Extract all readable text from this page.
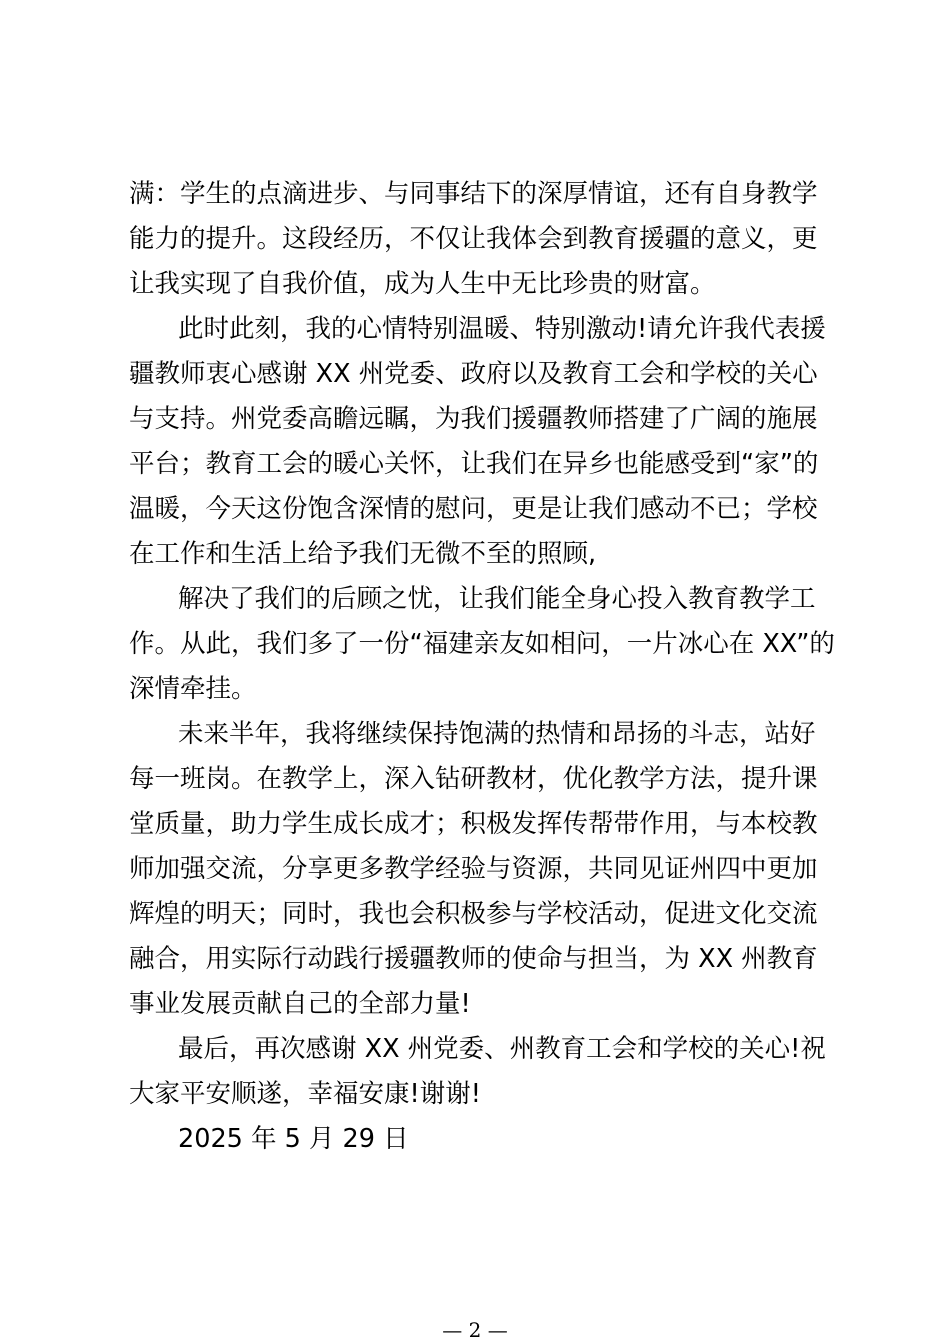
满：学生的点滴进步、与同事结下的深厚情谊，还有自身教学
能力的提升。这段经历，不仅让我体会到教育援疆的意义，更
让我实现了自我价值，成为人生中无比珍贵的财富。
此时此刻，我的心情特别温暖、特别激动!请允许我代表援
疆教师衷心感谢 XX 州党委、政府以及教育工会和学校的关心
与支持。州党委高瞻远瞩，为我们援疆教师搭建了广阔的施展
平台；教育工会的暖心关怀，让我们在异乡也能感受到“家”的
温暖，今天这份饱含深情的慰问，更是让我们感动不已；学校
在工作和生活上给予我们无微不至的照顾,
解决了我们的后顾之忧，让我们能全身心投入教育教学工
作。从此，我们多了一份“福建亲友如相问，一片冰心在 XX”的
深情牵挂。
未来半年，我将继续保持饱满的热情和昂扬的斗志，站好
每一班岗。在教学上，深入钻研教材，优化教学方法，提升课
堂质量，助力学生成长成才；积极发挥传帮带作用，与本校教
师加强交流，分享更多教学经验与资源，共同见证州四中更加
辉煌的明天；同时，我也会积极参与学校活动，促进文化交流
融合，用实际行动践行援疆教师的使命与担当，为 XX 州教育
事业发展贡献自己的全部力量!
最后，再次感谢 XX 州党委、州教育工会和学校的关心!祝
大家平安顺遂，幸福安康!谢谢!
2025 年 5 月 29 日
— 2 —
